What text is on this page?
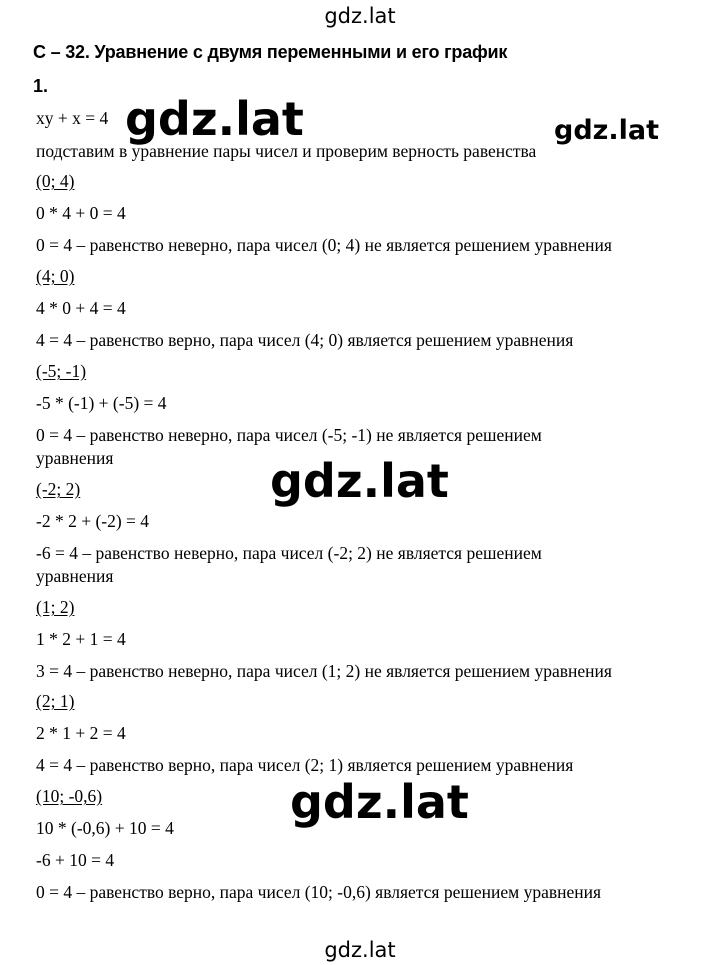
gdz.lat
С – 32. Уравнение с двумя переменными и его график
1.
xy + x = 4
подставим в уравнение пары чисел и проверим верность равенства
(0; 4)
0 * 4 + 0 = 4
0 = 4 – равенство неверно, пара чисел (0; 4) не является решением уравнения
(4; 0)
4 * 0 + 4 = 4
4 = 4 – равенство верно, пара чисел (4; 0) является решением уравнения
(-5; -1)
-5 * (-1) + (-5) = 4
0 = 4 – равенство неверно, пара чисел (-5; -1) не является решением
уравнения
(-2; 2)
-2 * 2 + (-2) = 4
-6 = 4 – равенство неверно, пара чисел (-2; 2) не является решением
уравнения
(1; 2)
1 * 2 + 1 = 4
3 = 4 – равенство неверно, пара чисел (1; 2) не является решением уравнения
(2; 1)
2 * 1 + 2 = 4
4 = 4 – равенство верно, пара чисел (2; 1) является решением уравнения
(10; -0,6)
10 * (-0,6) + 10 = 4
-6 + 10 = 4
0 = 4 – равенство верно, пара чисел (10; -0,6) является решением уравнения
gdz.lat	gdz.lat
gdz.lat
gdz.lat
gdz.lat
